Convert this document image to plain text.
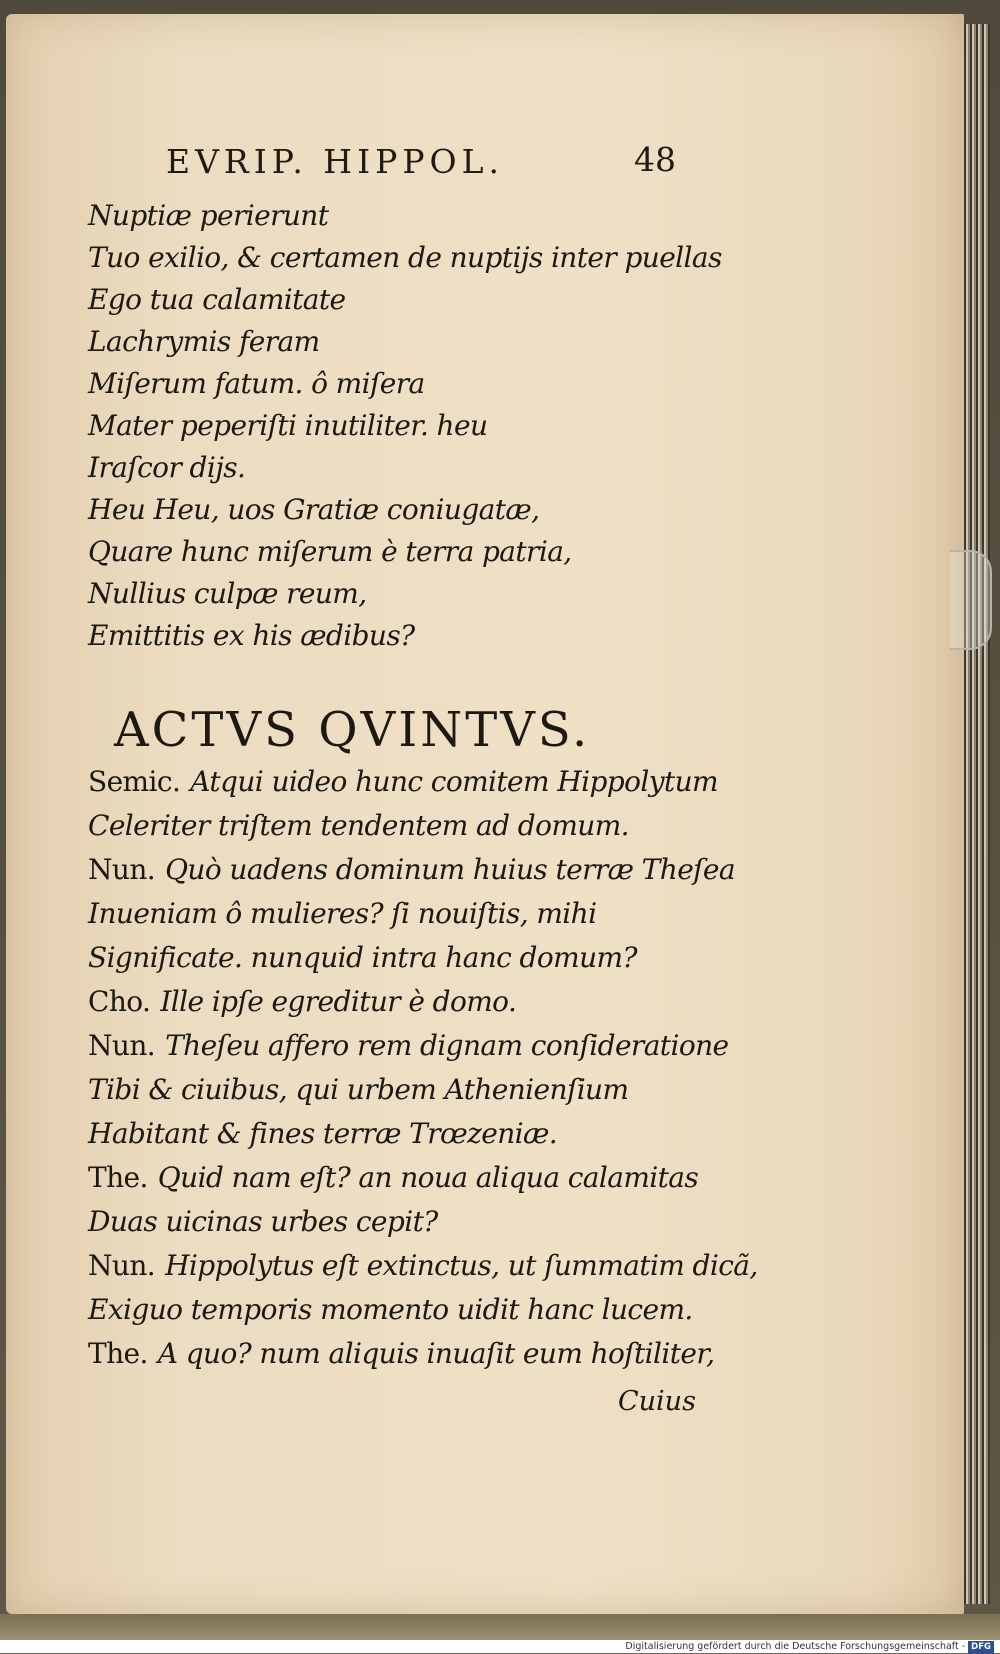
EVRIP. HIPPOL.	48
Nuptiæ perierunt
Tuo exilio, & certamen de nuptijs inter puellas
Ego tua calamitate
Lachrymis feram
Miſerum fatum. ô miſera
Mater peperiſti inutiliter. heu
Iraſcor dijs.
Heu Heu, uos Gratiæ coniugatæ,
Quare hunc miſerum è terra patria,
Nullius culpæ reum,
Emittitis ex his ædibus?
ACTVS QVINTVS.
Semic. Atqui uideo hunc comitem Hippolytum
Celeriter triſtem tendentem ad domum.
Nun. Quò uadens dominum huius terræ Theſea
Inueniam ô mulieres? ſi nouiſtis, mihi
Significate. nunquid intra hanc domum?
Cho. Ille ipſe egreditur è domo.
Nun. Theſeu affero rem dignam conſideratione
Tibi & ciuibus, qui urbem Athenienſium
Habitant & fines terræ Trœzeniæ.
The. Quid nam eſt? an noua aliqua calamitas
Duas uicinas urbes cepit?
Nun. Hippolytus eſt extinctus, ut ſummatim dicã,
Exiguo temporis momento uidit hanc lucem.
The. A quo? num aliquis inuaſit eum hoſtiliter,
Cuius
Digitalisierung gefördert durch die Deutsche Forschungsgemeinschaft - DFG
